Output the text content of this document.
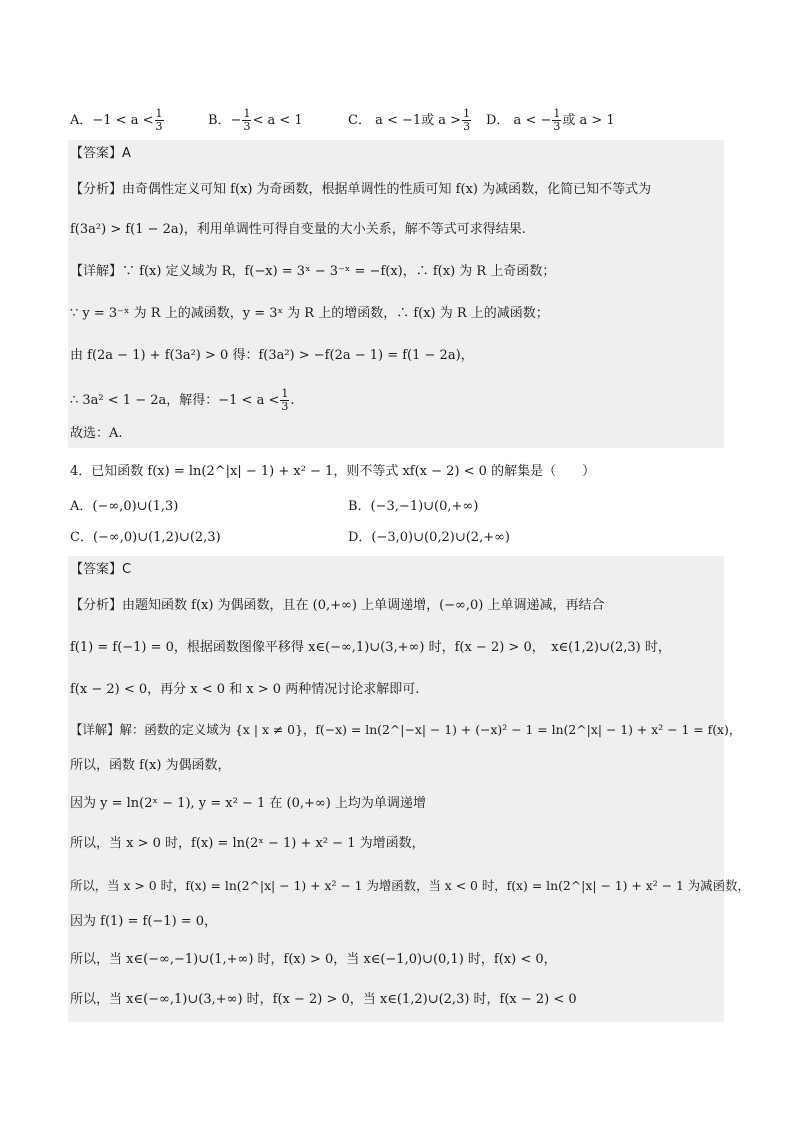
A．$-1 < a < \frac{1}{3}$	B．− $\frac{1}{3} < a < 1$	C． a < −1或 $a > \frac{1}{3}$ D． a < − $\frac{1}{3}$ 或 a > 1
【答案】A
【分析】由奇偶性定义可知 f(x) 为奇函数，根据单调性的性质可知 f(x) 为减函数，化简已知不等式为
f(3a²) > f(1 − 2a)，利用单调性可得自变量的大小关系，解不等式可求得结果.
【详解】∵ f(x) 定义域为 R，f(−x) = 3ˣ − 3⁻ˣ = −f(x)，∴ f(x) 为 R 上奇函数；
∵ y = 3⁻ˣ 为 R 上的减函数，y = 3ˣ 为 R 上的增函数，∴ f(x) 为 R 上的减函数；
由 f(2a − 1) + f(3a²) > 0 得：f(3a²) > −f(2a − 1) = f(1 − 2a)，
∴ 3a² < 1 − 2a，解得：$-1 < a < \frac{1}{3}$ .
故选：A.
4．已知函数 f(x) = ln(2^|x| − 1) + x² − 1，则不等式 xf(x − 2) < 0 的解集是（　　）
A．(−∞,0)∪(1,3)	B．(−3,−1)∪(0,+∞)
C．(−∞,0)∪(1,2)∪(2,3)	D．(−3,0)∪(0,2)∪(2,+∞)
【答案】C
【分析】由题知函数 f(x) 为偶函数，且在 (0,+∞) 上单调递增，(−∞,0) 上单调递减，再结合
f(1) = f(−1) = 0，根据函数图像平移得 x∈(−∞,1)∪(3,+∞) 时，f(x − 2) > 0，　x∈(1,2)∪(2,3) 时，
f(x − 2) < 0，再分 x < 0 和 x > 0 两种情况讨论求解即可.
【详解】解：函数的定义域为 {x | x ≠ 0}，f(−x) = ln(2^|−x| − 1) + (−x)² − 1 = ln(2^|x| − 1) + x² − 1 = f(x)，
所以，函数 f(x) 为偶函数，
因为 y = ln(2ˣ − 1), y = x² − 1 在 (0,+∞) 上均为单调递增
所以，当 x > 0 时，f(x) = ln(2ˣ − 1) + x² − 1 为增函数，
所以，当 x > 0 时，f(x) = ln(2^|x| − 1) + x² − 1 为增函数，当 x < 0 时，f(x) = ln(2^|x| − 1) + x² − 1 为减函数，
因为 f(1) = f(−1) = 0，
所以，当 x∈(−∞,−1)∪(1,+∞) 时，f(x) > 0，当 x∈(−1,0)∪(0,1) 时，f(x) < 0，
所以，当 x∈(−∞,1)∪(3,+∞) 时，f(x − 2) > 0，当 x∈(1,2)∪(2,3) 时，f(x − 2) < 0
